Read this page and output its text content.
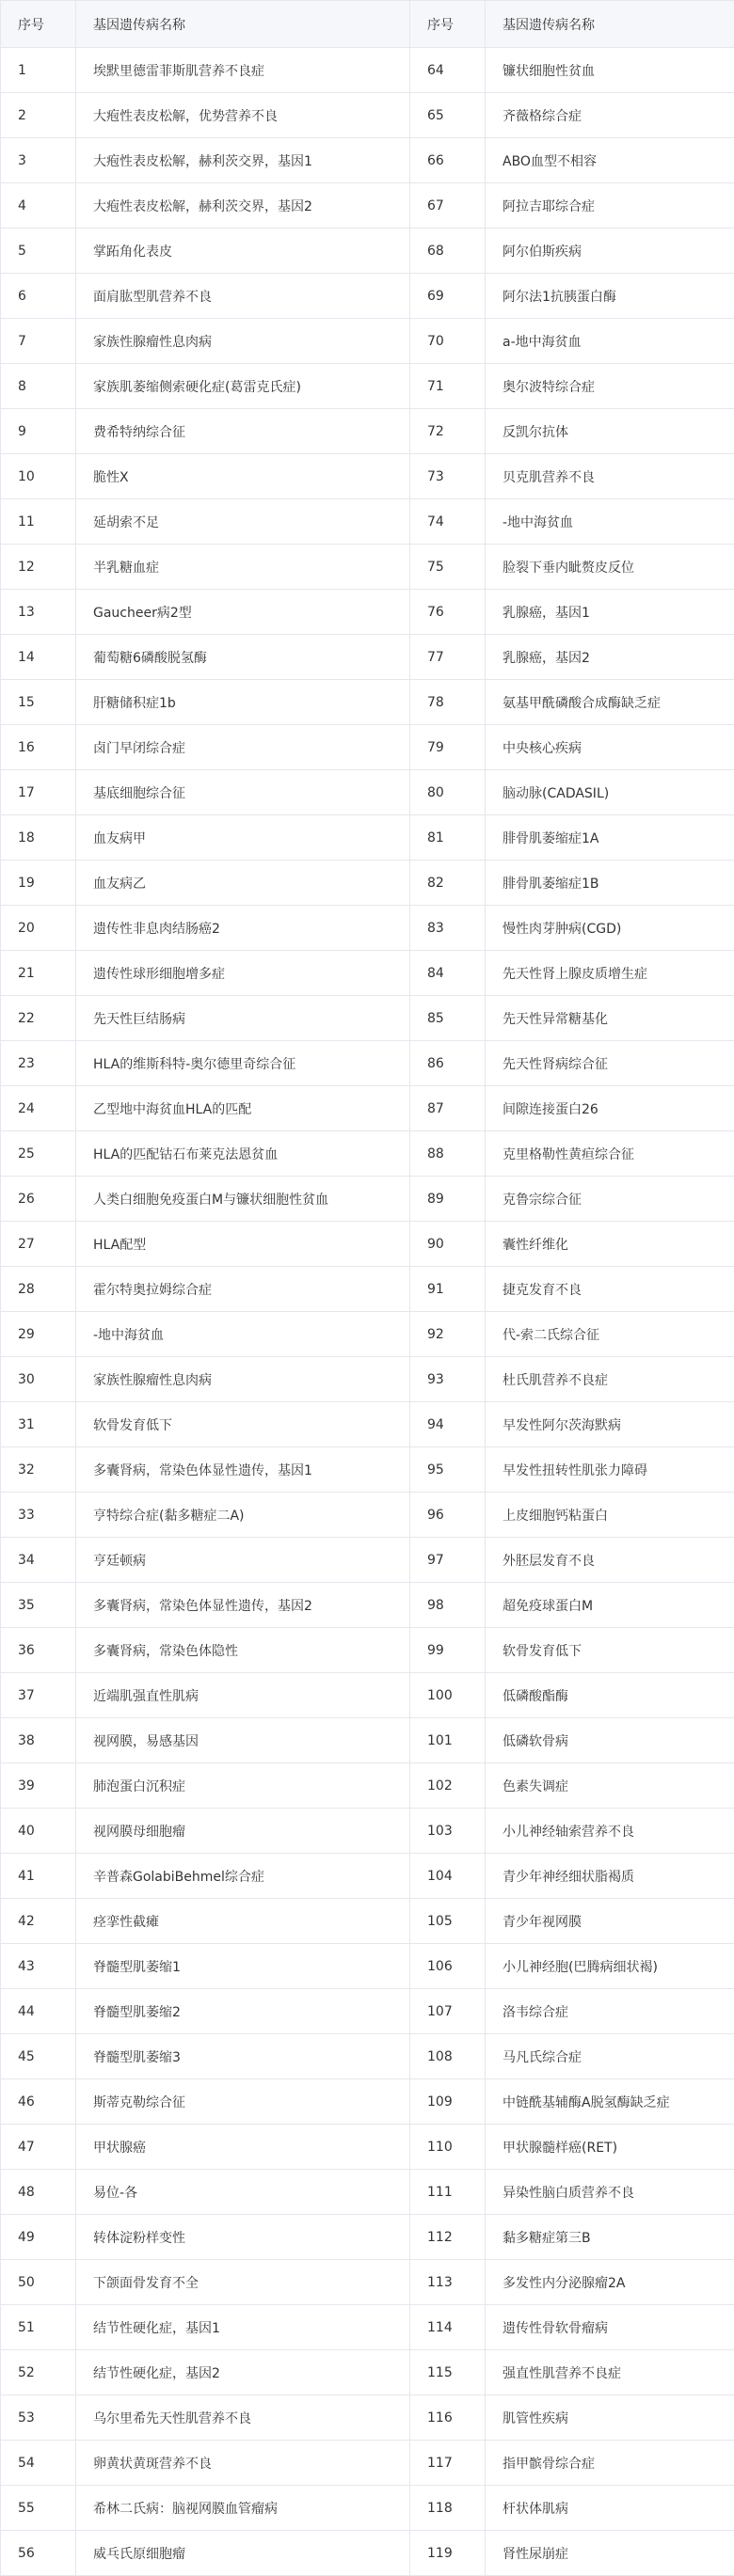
序号	基因遗传病名称	序号	基因遗传病名称
1	埃默里德雷菲斯肌营养不良症	64	镰状细胞性贫血
2	大疱性表皮松解，优势营养不良	65	齐薇格综合症
3	大疱性表皮松解，赫利茨交界，基因1	66	ABO血型不相容
4	大疱性表皮松解，赫利茨交界，基因2	67	阿拉吉耶综合症
5	掌跖角化表皮	68	阿尔伯斯疾病
6	面肩肱型肌营养不良	69	阿尔法1抗胰蛋白酶
7	家族性腺瘤性息肉病	70	a-地中海贫血
8	家族肌萎缩侧索硬化症(葛雷克氏症)	71	奥尔波特综合症
9	费希特纳综合征	72	反凯尔抗体
10	脆性X	73	贝克肌营养不良
11	延胡索不足	74	-地中海贫血
12	半乳糖血症	75	脸裂下垂内眦赘皮反位
13	Gaucheer病2型	76	乳腺癌，基因1
14	葡萄糖6磷酸脱氢酶	77	乳腺癌，基因2
15	肝糖储积症1b	78	氨基甲酰磷酸合成酶缺乏症
16	卤门早闭综合症	79	中央核心疾病
17	基底细胞综合征	80	脑动脉(CADASIL)
18	血友病甲	81	腓骨肌萎缩症1A
19	血友病乙	82	腓骨肌萎缩症1B
20	遗传性非息肉结肠癌2	83	慢性肉芽肿病(CGD)
21	遗传性球形细胞增多症	84	先天性肾上腺皮质增生症
22	先天性巨结肠病	85	先天性异常糖基化
23	HLA的维斯科特-奥尔德里奇综合征	86	先天性肾病综合征
24	乙型地中海贫血HLA的匹配	87	间隙连接蛋白26
25	HLA的匹配钴石布莱克法恩贫血	88	克里格勒性黄疸综合征
26	人类白细胞免疫蛋白M与镰状细胞性贫血	89	克鲁宗综合征
27	HLA配型	90	囊性纤维化
28	霍尔特奥拉姆综合症	91	捷克发育不良
29	-地中海贫血	92	代-索二氏综合征
30	家族性腺瘤性息肉病	93	杜氏肌营养不良症
31	软骨发育低下	94	早发性阿尔茨海默病
32	多囊肾病，常染色体显性遗传，基因1	95	早发性扭转性肌张力障碍
33	亨特综合症(黏多糖症二A)	96	上皮细胞钙粘蛋白
34	亨廷顿病	97	外胚层发育不良
35	多囊肾病，常染色体显性遗传，基因2	98	超免疫球蛋白M
36	多囊肾病，常染色体隐性	99	软骨发育低下
37	近端肌强直性肌病	100	低磷酸酯酶
38	视网膜，易感基因	101	低磷软骨病
39	肺泡蛋白沉积症	102	色素失调症
40	视网膜母细胞瘤	103	小儿神经轴索营养不良
41	辛普森GolabiBehmel综合症	104	青少年神经细状脂褐质
42	痉挛性截瘫	105	青少年视网膜
43	脊髓型肌萎缩1	106	小儿神经胞(巴腾病细状褐)
44	脊髓型肌萎缩2	107	洛韦综合症
45	脊髓型肌萎缩3	108	马凡氏综合症
46	斯蒂克勒综合征	109	中链酰基辅酶A脱氢酶缺乏症
47	甲状腺癌	110	甲状腺髓样癌(RET)
48	易位-各	111	异染性脑白质营养不良
49	转体淀粉样变性	112	黏多糖症第三B
50	下颌面骨发育不全	113	多发性内分泌腺瘤2A
51	结节性硬化症，基因1	114	遗传性骨软骨瘤病
52	结节性硬化症，基因2	115	强直性肌营养不良症
53	乌尔里希先天性肌营养不良	116	肌管性疾病
54	卵黄状黄斑营养不良	117	指甲髌骨综合症
55	希林二氏病：脑视网膜血管瘤病	118	杆状体肌病
56	威乓氏原细胞瘤	119	肾性尿崩症
